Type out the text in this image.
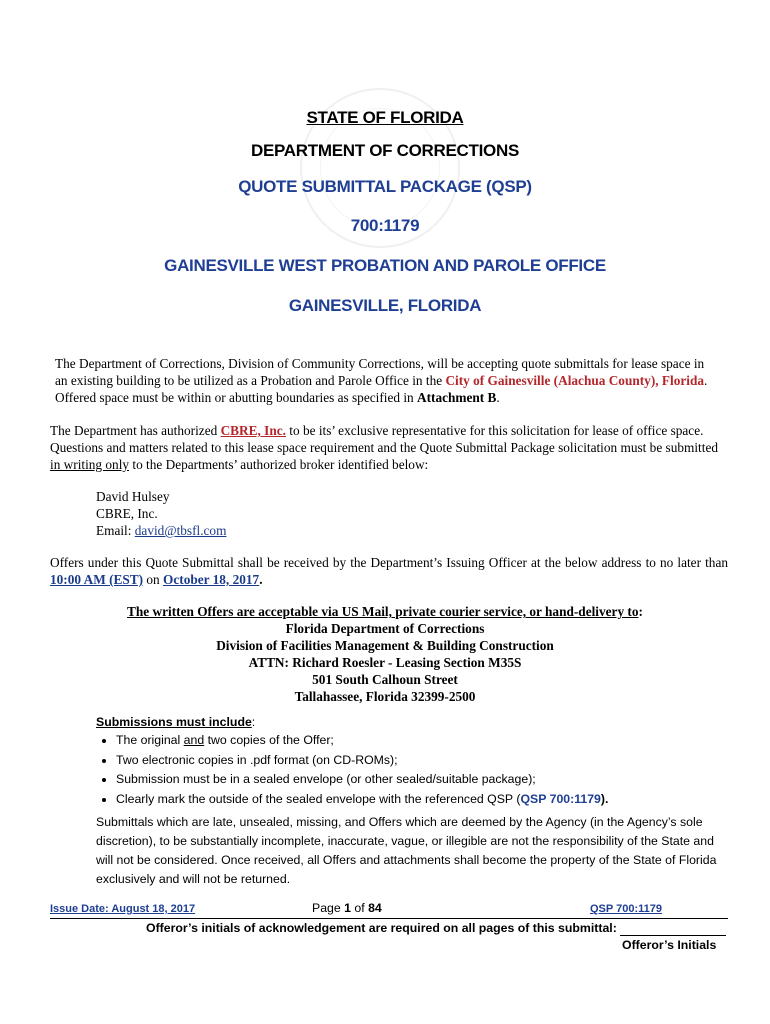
STATE OF FLORIDA
DEPARTMENT OF CORRECTIONS
QUOTE SUBMITTAL PACKAGE (QSP)
700:1179
GAINESVILLE WEST PROBATION AND PAROLE OFFICE
GAINESVILLE, FLORIDA
The Department of Corrections, Division of Community Corrections, will be accepting quote submittals for lease space in an existing building to be utilized as a Probation and Parole Office in the City of Gainesville (Alachua County), Florida. Offered space must be within or abutting boundaries as specified in Attachment B.
The Department has authorized CBRE, Inc. to be its’ exclusive representative for this solicitation for lease of office space. Questions and matters related to this lease space requirement and the Quote Submittal Package solicitation must be submitted in writing only to the Departments’ authorized broker identified below:
David Hulsey
CBRE, Inc.
Email: david@tbsfl.com
Offers under this Quote Submittal shall be received by the Department’s Issuing Officer at the below address to no later than 10:00 AM (EST) on October 18, 2017.
The written Offers are acceptable via US Mail, private courier service, or hand-delivery to:
Florida Department of Corrections
Division of Facilities Management & Building Construction
ATTN: Richard Roesler - Leasing Section M35S
501 South Calhoun Street
Tallahassee, Florida 32399-2500
Submissions must include:
• The original and two copies of the Offer;
• Two electronic copies in .pdf format (on CD-ROMs);
• Submission must be in a sealed envelope (or other sealed/suitable package);
• Clearly mark the outside of the sealed envelope with the referenced QSP (QSP 700:1179).
Submittals which are late, unsealed, missing, and Offers which are deemed by the Agency (in the Agency’s sole discretion), to be substantially incomplete, inaccurate, vague, or illegible are not the responsibility of the State and will not be considered. Once received, all Offers and attachments shall become the property of the State of Florida exclusively and will not be returned.
Issue Date: August 18, 2017	Page 1 of 84	QSP 700:1179
Offeror’s initials of acknowledgement are required on all pages of this submittal:
Offeror’s Initials
